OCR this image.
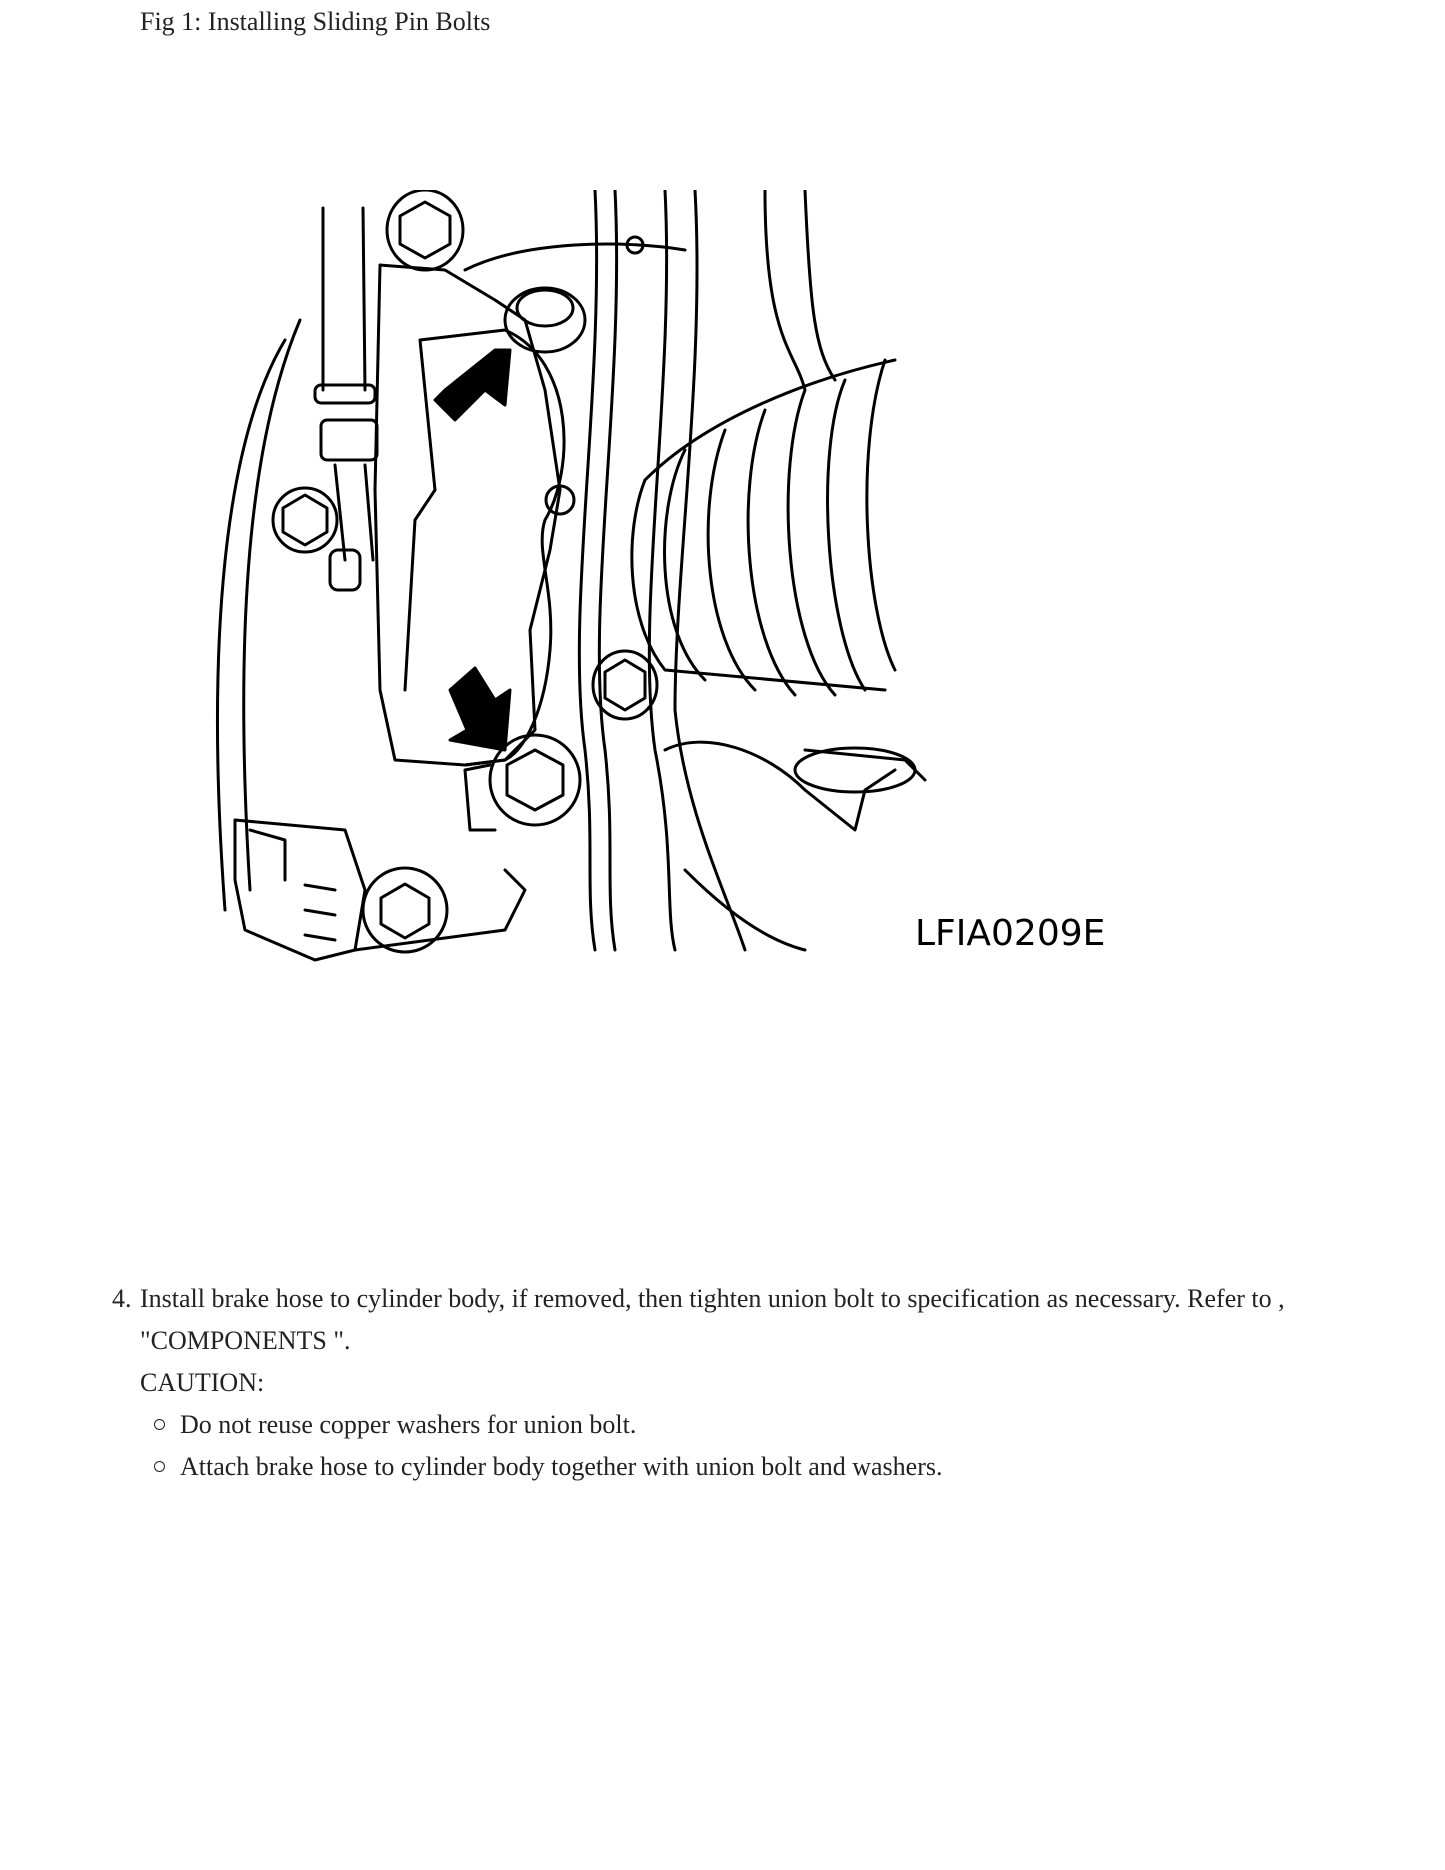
Fig 1: Installing Sliding Pin Bolts
LFIA0209E
4. Install brake hose to cylinder body, if removed, then tighten union bolt to specification as necessary. Refer to ,
"COMPONENTS ".
CAUTION:
Do not reuse copper washers for union bolt.
Attach brake hose to cylinder body together with union bolt and washers.
